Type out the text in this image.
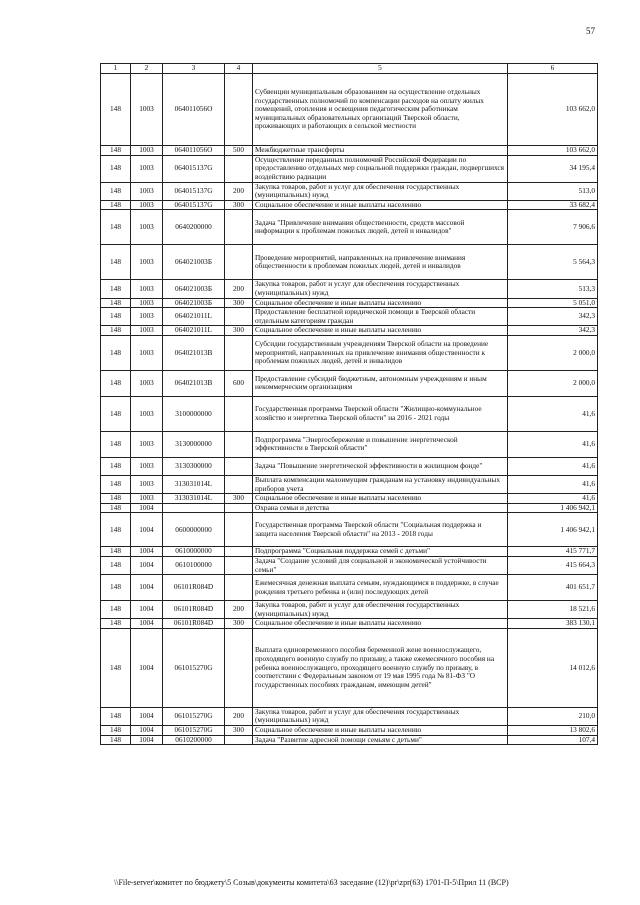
57
1	2	3	4	5	6
148	1003	064011056О		Субвенции муниципальным образованиям на осуществление отдельных государственных полномочий по компенсации расходов на оплату жилых помещений, отопления и освещения педагогическим работникам муниципальных образовательных организаций Тверской области, проживающих и работающих в сельской местности	103 662,0
148	1003	064011056О	500	Межбюджетные трансферты	103 662,0
148	1003	064015137G		Осуществление переданных полномочий Российской Федерации по предоставлению отдельных мер социальной поддержки граждан, подвергшихся воздействию радиации	34 195,4
148	1003	064015137G	200	Закупка товаров, работ и услуг для обеспечения государственных (муниципальных) нужд	513,0
148	1003	064015137G	300	Социальное обеспечение и иные выплаты населению	33 682,4
148	1003	0640200000		Задача "Привлечение внимания общественности, средств массовой информации к проблемам пожилых людей, детей и инвалидов"	7 906,6
148	1003	064021003Б		Проведение мероприятий, направленных на привлечение внимания общественности к проблемам пожилых людей, детей и инвалидов	5 564,3
148	1003	064021003Б	200	Закупка товаров, работ и услуг для обеспечения государственных (муниципальных) нужд	513,3
148	1003	064021003Б	300	Социальное обеспечение и иные выплаты населению	5 051,0
148	1003	064021011L		Предоставление бесплатной юридической помощи в Тверской области отдельным категориям граждан	342,3
148	1003	064021011L	300	Социальное обеспечение и иные выплаты населению	342,3
148	1003	064021013В		Субсидии государственным учреждениям Тверской области на проведение мероприятий, направленных на привлечение внимания общественности к проблемам пожилых людей, детей и инвалидов	2 000,0
148	1003	064021013В	600	Предоставление субсидий бюджетным, автономным учреждениям и иным некоммерческим организациям	2 000,0
148	1003	3100000000		Государственная программа Тверской области "Жилищно-коммунальное хозяйство и энергетика Тверской области" на 2016 - 2021 годы	41,6
148	1003	3130000000		Подпрограмма "Энергосбережение и повышение энергетической эффективности в Тверской области"	41,6
148	1003	3130300000		Задача "Повышение энергетической эффективности в жилищном фонде"	41,6
148	1003	313031014L		Выплата компенсации малоимущим гражданам на установку индивидуальных приборов учета	41,6
148	1003	313031014L	300	Социальное обеспечение и иные выплаты населению	41,6
148	1004			Охрана семьи и детства	1 406 942,1
148	1004	0600000000		Государственная программа Тверской области "Социальная поддержка и защита населения Тверской области" на 2013 - 2018 годы	1 406 942,1
148	1004	0610000000		Подпрограмма "Социальная поддержка семей с детьми"	415 771,7
148	1004	0610100000		Задача "Создание условий для социальной и экономической устойчивости семьи"	415 664,3
148	1004	06101R084D		Ежемесячная денежная выплата семьям, нуждающимся в поддержке, в случае рождения третьего ребенка и (или) последующих детей	401 651,7
148	1004	06101R084D	200	Закупка товаров, работ и услуг для обеспечения государственных (муниципальных) нужд	18 521,6
148	1004	06101R084D	300	Социальное обеспечение и иные выплаты населению	383 130,1
148	1004	061015270G		Выплата единовременного пособия беременной жене военнослужащего, проходящего военную службу по призыву, а также ежемесячного пособия на ребенка военнослужащего, проходящего военную службу по призыву, в соответствии с Федеральным законом от 19 мая 1995 года № 81-ФЗ "О государственных пособиях гражданам, имеющим детей"	14 012,6
148	1004	061015270G	200	Закупка товаров, работ и услуг для обеспечения государственных (муниципальных) нужд	210,0
148	1004	061015270G	300	Социальное обеспечение и иные выплаты населению	13 802,6
148	1004	0610200000		Задача "Развитие адресной помощи семьям с детьми"	107,4
\\File-server\комитет по бюджету\5 Созыв\документы комитета\63 заседание (12)\pr\zpr(63) 1701-П-5\Прил 11 (ВСР)
